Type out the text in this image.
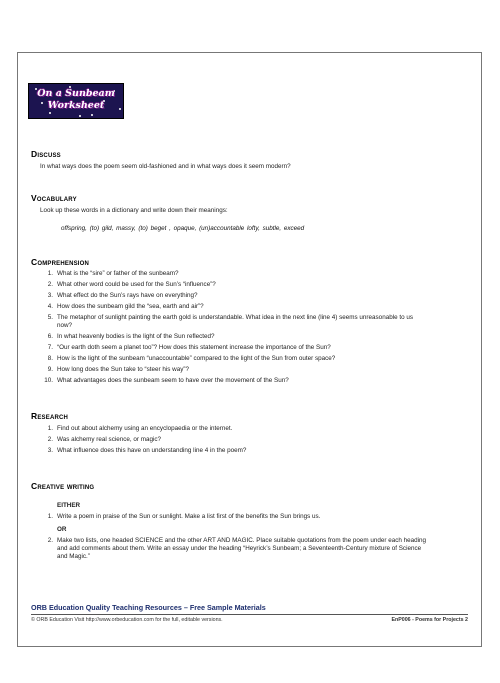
On a Sunbeam
Worksheet
Discuss
In what ways does the poem seem old-fashioned and in what ways does it seem modern?
Vocabulary
Look up these words in a dictionary and write down their meanings:
offspring, (to) gild, massy, (to) beget , opaque, (un)accountable lofty, subtle, exceed
Comprehension
1. What is the “sire” or father of the sunbeam?
2. What other word could be used for the Sun’s “influence”?
3. What effect do the Sun’s rays have on everything?
4. How does the sunbeam gild the “sea, earth and air”?
5. The metaphor of sunlight painting the earth gold is understandable. What idea in the next line (line 4) seems unreasonable to us now?
6. In what heavenly bodies is the light of the Sun reflected?
7. “Our earth doth seem a planet too”? How does this statement increase the importance of the Sun?
8. How is the light of the sunbeam “unaccountable” compared to the light of the Sun from outer space?
9. How long does the Sun take to “steer his way”?
10. What advantages does the sunbeam seem to have over the movement of the Sun?
Research
1. Find out about alchemy using an encyclopaedia or the internet.
2. Was alchemy real science, or magic?
3. What influence does this have on understanding line 4 in the poem?
Creative writing
EITHER
1. Write a poem in praise of the Sun or sunlight. Make a list first of the benefits the Sun brings us.
OR
2. Make two lists, one headed SCIENCE and the other ART AND MAGIC. Place suitable quotations from the poem under each heading and add comments about them. Write an essay under the heading “Heyrick’s Sunbeam; a Seventeenth-Century mixture of Science and Magic.”
ORB Education Quality Teaching Resources – Free Sample Materials
© ORB Education Visit http://www.orbeducation.com for the full, editable versions.	EnP006 - Poems for Projects 2
